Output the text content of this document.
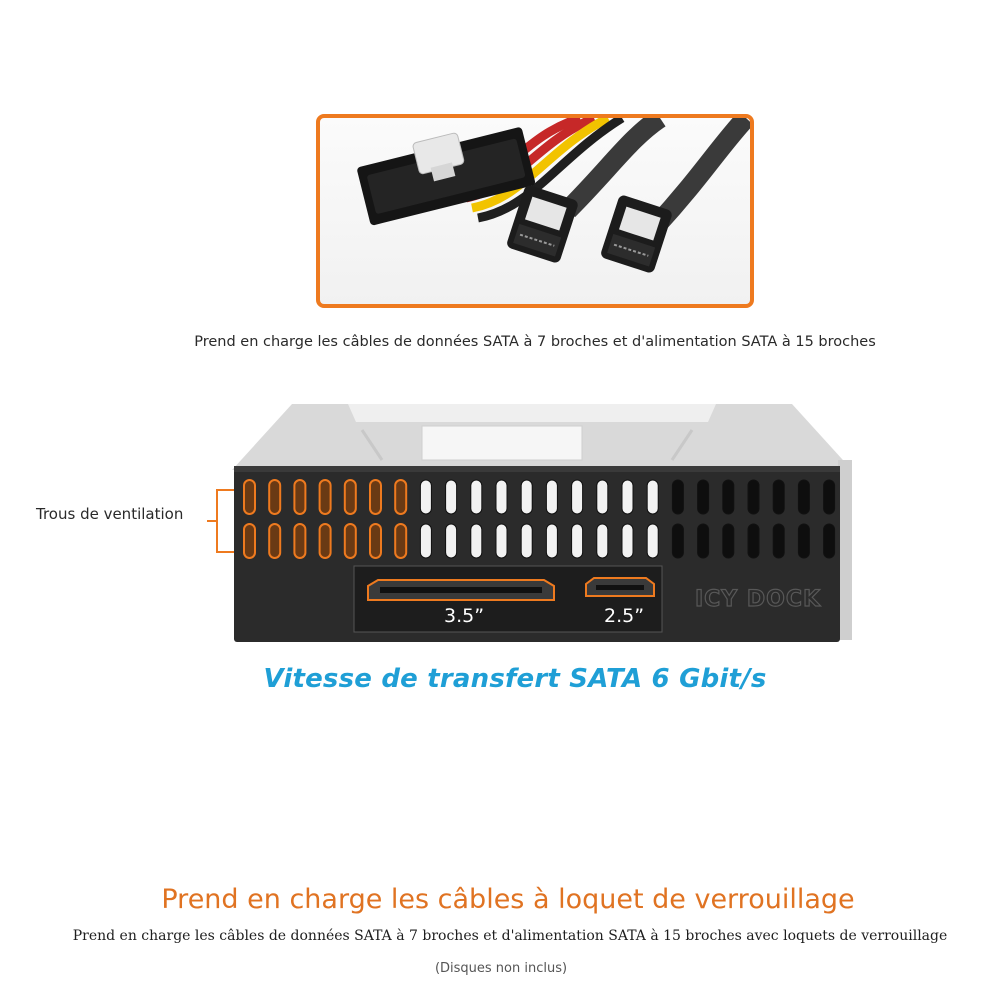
Prend en charge les câbles de données SATA à 7 broches et d'alimentation SATA à 15 broches
Trous de ventilation
ICY DOCK
3.5”	2.5”
Vitesse de transfert SATA 6 Gbit/s
Prend en charge les câbles à loquet de verrouillage
Prend en charge les câbles de données SATA à 7 broches et d'alimentation SATA à 15 broches avec loquets de verrouillage
(Disques non inclus)
